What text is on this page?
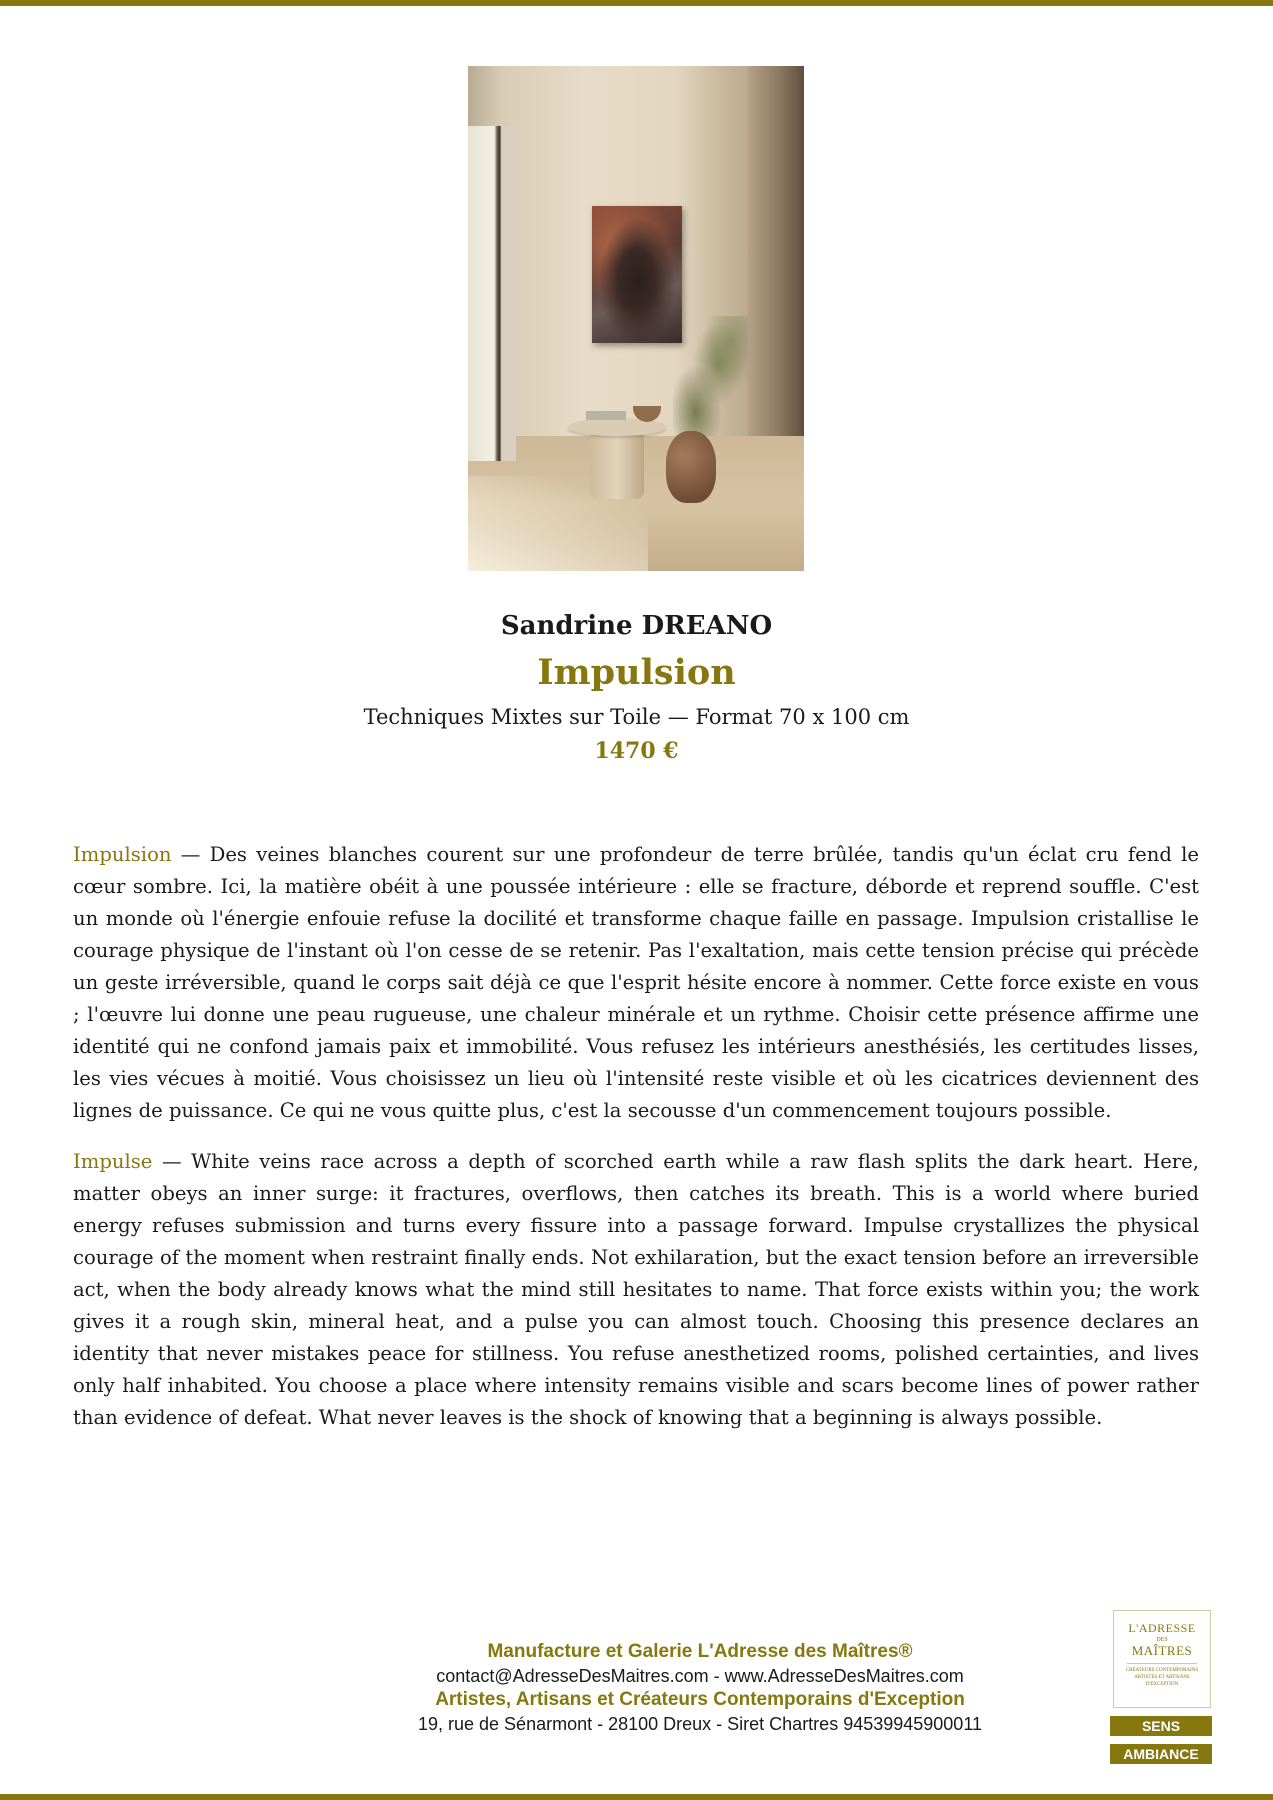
Sandrine DREANO
Impulsion
Techniques Mixtes sur Toile — Format 70 x 100 cm
1470 €

Impulsion — Des veines blanches courent sur une profondeur de terre brûlée, tandis qu'un éclat cru fend le cœur sombre. Ici, la matière obéit à une poussée intérieure : elle se fracture, déborde et reprend souffle. C'est un monde où l'énergie enfouie refuse la docilité et transforme chaque faille en passage. Impulsion cristallise le courage physique de l'instant où l'on cesse de se retenir. Pas l'exaltation, mais cette tension précise qui précède un geste irréversible, quand le corps sait déjà ce que l'esprit hésite encore à nommer. Cette force existe en vous ; l'œuvre lui donne une peau rugueuse, une chaleur minérale et un rythme. Choisir cette présence affirme une identité qui ne confond jamais paix et immobilité. Vous refusez les intérieurs anesthésiés, les certitudes lisses, les vies vécues à moitié. Vous choisissez un lieu où l'intensité reste visible et où les cicatrices deviennent des lignes de puissance. Ce qui ne vous quitte plus, c'est la secousse d'un commencement toujours possible.

Impulse — White veins race across a depth of scorched earth while a raw flash splits the dark heart. Here, matter obeys an inner surge: it fractures, overflows, then catches its breath. This is a world where buried energy refuses submission and turns every fissure into a passage forward. Impulse crystallizes the physical courage of the moment when restraint finally ends. Not exhilaration, but the exact tension before an irreversible act, when the body already knows what the mind still hesitates to name. That force exists within you; the work gives it a rough skin, mineral heat, and a pulse you can almost touch. Choosing this presence declares an identity that never mistakes peace for stillness. You refuse anesthetized rooms, polished certainties, and lives only half inhabited. You choose a place where intensity remains visible and scars become lines of power rather than evidence of defeat. What never leaves is the shock of knowing that a beginning is always possible.

Manufacture et Galerie L'Adresse des Maîtres®
contact@AdresseDesMaitres.com - www.AdresseDesMaitres.com
Artistes, Artisans et Créateurs Contemporains d'Exception
19, rue de Sénarmont - 28100 Dreux - Siret Chartres 94539945900011
L'ADRESSE
DES
MAÎTRES
CRÉATEURS CONTEMPORAINS ARTISTES ET ARTISANS D'EXCEPTION
SENS
AMBIANCE
